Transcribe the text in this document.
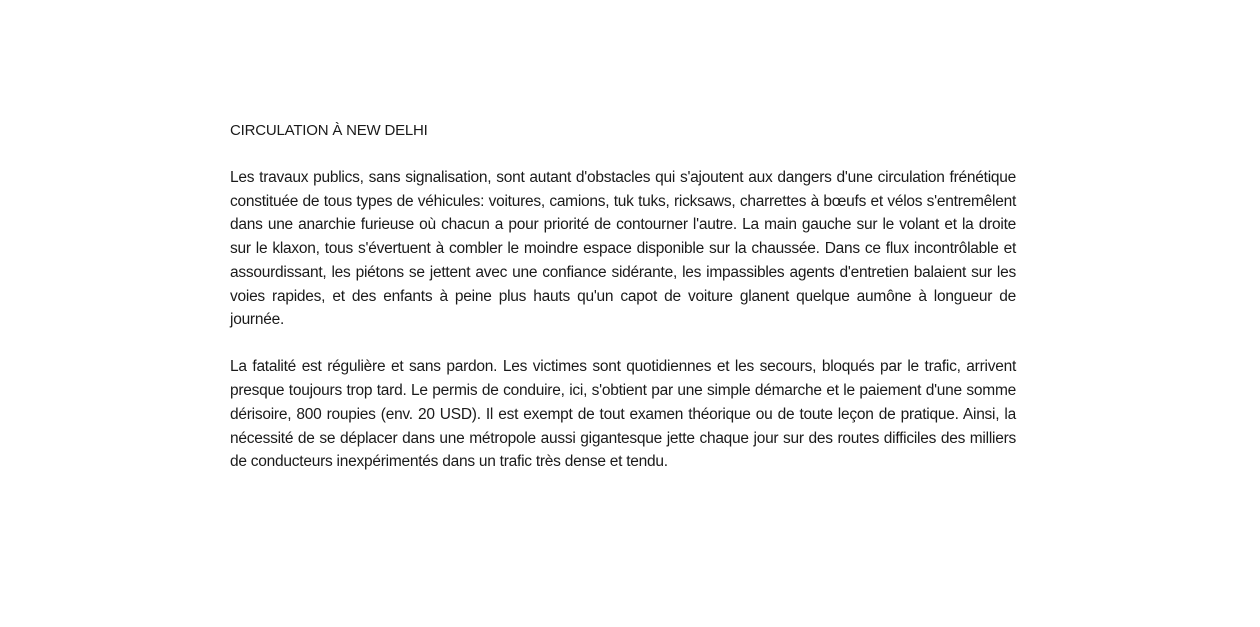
CIRCULATION À NEW DELHI

Les travaux publics, sans signalisation, sont autant d'obstacles qui s'ajoutent aux dangers d'une circulation frénétique constituée de tous types de véhicules: voitures, camions, tuk tuks, ricksaws, charrettes à bœufs et vélos s'entremêlent dans une anarchie furieuse où chacun a pour priorité de contourner l'autre. La main gauche sur le volant et la droite sur le klaxon, tous s'évertuent à combler le moindre espace disponible sur la chaussée. Dans ce flux incontrôlable et assourdissant, les piétons se jettent avec une confiance sidérante, les impassibles agents d'entretien balaient sur les voies rapides, et des enfants à peine plus hauts qu'un capot de voiture glanent quelque aumône à longueur de journée.

La fatalité est régulière et sans pardon. Les victimes sont quotidiennes et les secours, bloqués par le trafic, arrivent presque toujours trop tard. Le permis de conduire, ici, s'obtient par une simple démarche et le paiement d'une somme dérisoire, 800 roupies (env. 20 USD). Il est exempt de tout examen théorique ou de toute leçon de pratique. Ainsi, la nécessité de se déplacer dans une métropole aussi gigantesque jette chaque jour sur des routes difficiles des milliers de conducteurs inexpérimentés dans un trafic très dense et tendu.
